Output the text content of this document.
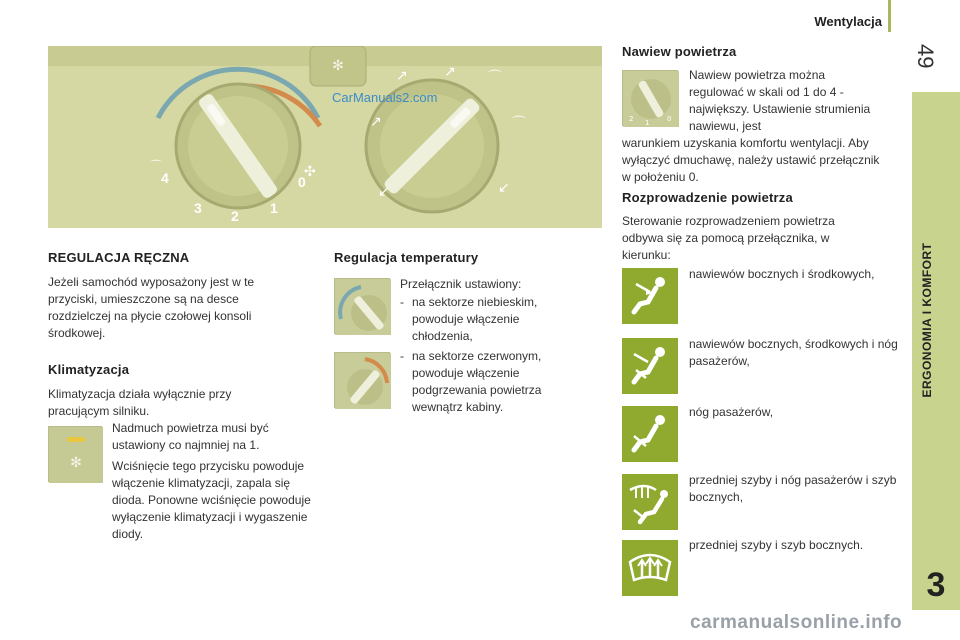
Wentylacja
49
ERGONOMIA I KOMFORT
3
✻
↗
↗	↗ ⌒
⌒
↙	↙
⌒	✣
CarManuals2.com
4
3 2 1
0
REGULACJA RĘCZNA
Jeżeli samochód wyposażony jest w te przyciski, umieszczone są na desce rozdzielczej na płycie czołowej konsoli środkowej.
Klimatyzacja
Klimatyzacja działa wyłącznie przy pracującym silniku.
✻
Nadmuch powietrza musi być ustawiony co najmniej na 1.
Wciśnięcie tego przycisku powoduje włączenie klimatyzacji, zapala się dioda. Ponowne wciśnięcie powoduje wyłączenie klimatyzacji i wygaszenie diody.
Regulacja temperatury
Przełącznik ustawiony:
- na sektorze niebieskim, powoduje włączenie chłodzenia,
- na sektorze czerwonym, powoduje włączenie podgrzewania powietrza wewnątrz kabiny.
Nawiew powietrza
2 1	0
Nawiew powietrza można regulować w skali od 1 do 4 - największy. Ustawienie strumienia nawiewu, jest
warunkiem uzyskania komfortu wentylacji. Aby wyłączyć dmuchawę, należy ustawić przełącznik w położeniu 0.
Rozprowadzenie powietrza
Sterowanie rozprowadzeniem powietrza odbywa się za pomocą przełącznika, w kierunku:
nawiewów bocznych i środkowych,
nawiewów bocznych, środkowych i nóg pasażerów,
nóg pasażerów,
przedniej szyby i nóg pasażerów i szyb bocznych,
przedniej szyby i szyb bocznych.
carmanualsonline.info
